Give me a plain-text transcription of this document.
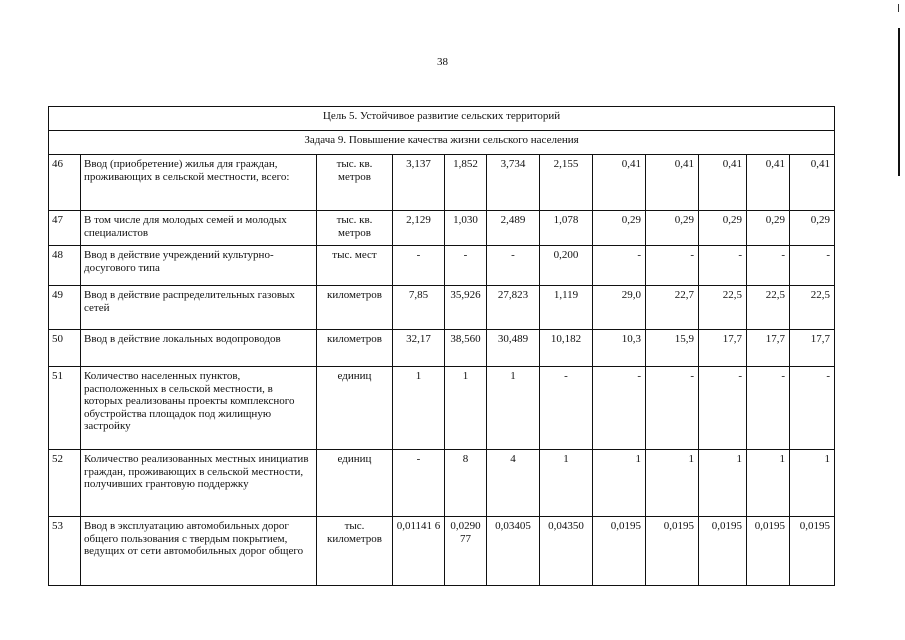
38
Цель 5. Устойчивое развитие сельских территорий											
Задача 9. Повышение качества жизни сельского населения											
46	Ввод (приобретение) жилья для граждан, проживающих в сельской местности, всего:	тыс. кв. метров	3,137	1,852	3,734	2,155	0,41	0,41	0,41	0,41	0,41
47	В том числе для молодых семей и молодых специалистов	тыс. кв. метров	2,129	1,030	2,489	1,078	0,29	0,29	0,29	0,29	0,29
48	Ввод в действие учреждений культурно-досугового типа	тыс. мест	-	-	-	0,200	-	-	-	-	-
49	Ввод в действие распределительных газовых сетей	километров	7,85	35,926	27,823	1,119	29,0	22,7	22,5	22,5	22,5
50	Ввод в действие локальных водопроводов	километров	32,17	38,560	30,489	10,182	10,3	15,9	17,7	17,7	17,7
51	Количество населенных пунктов, расположенных в сельской местности, в которых реализованы проекты комплексного обустройства площадок под жилищную застройку	единиц	1	1	1	-	-	-	-	-	-
52	Количество реализованных местных инициатив граждан, проживающих в сельской местности, получивших грантовую поддержку	единиц	-	8	4	1	1	1	1	1	1
53	Ввод в эксплуатацию автомобильных дорог общего пользования с твердым покрытием, ведущих от сети автомобильных дорог общего	тыс. километров	0,01141 6	0,0290 77	0,03405	0,04350	0,0195	0,0195	0,0195	0,0195	0,0195
